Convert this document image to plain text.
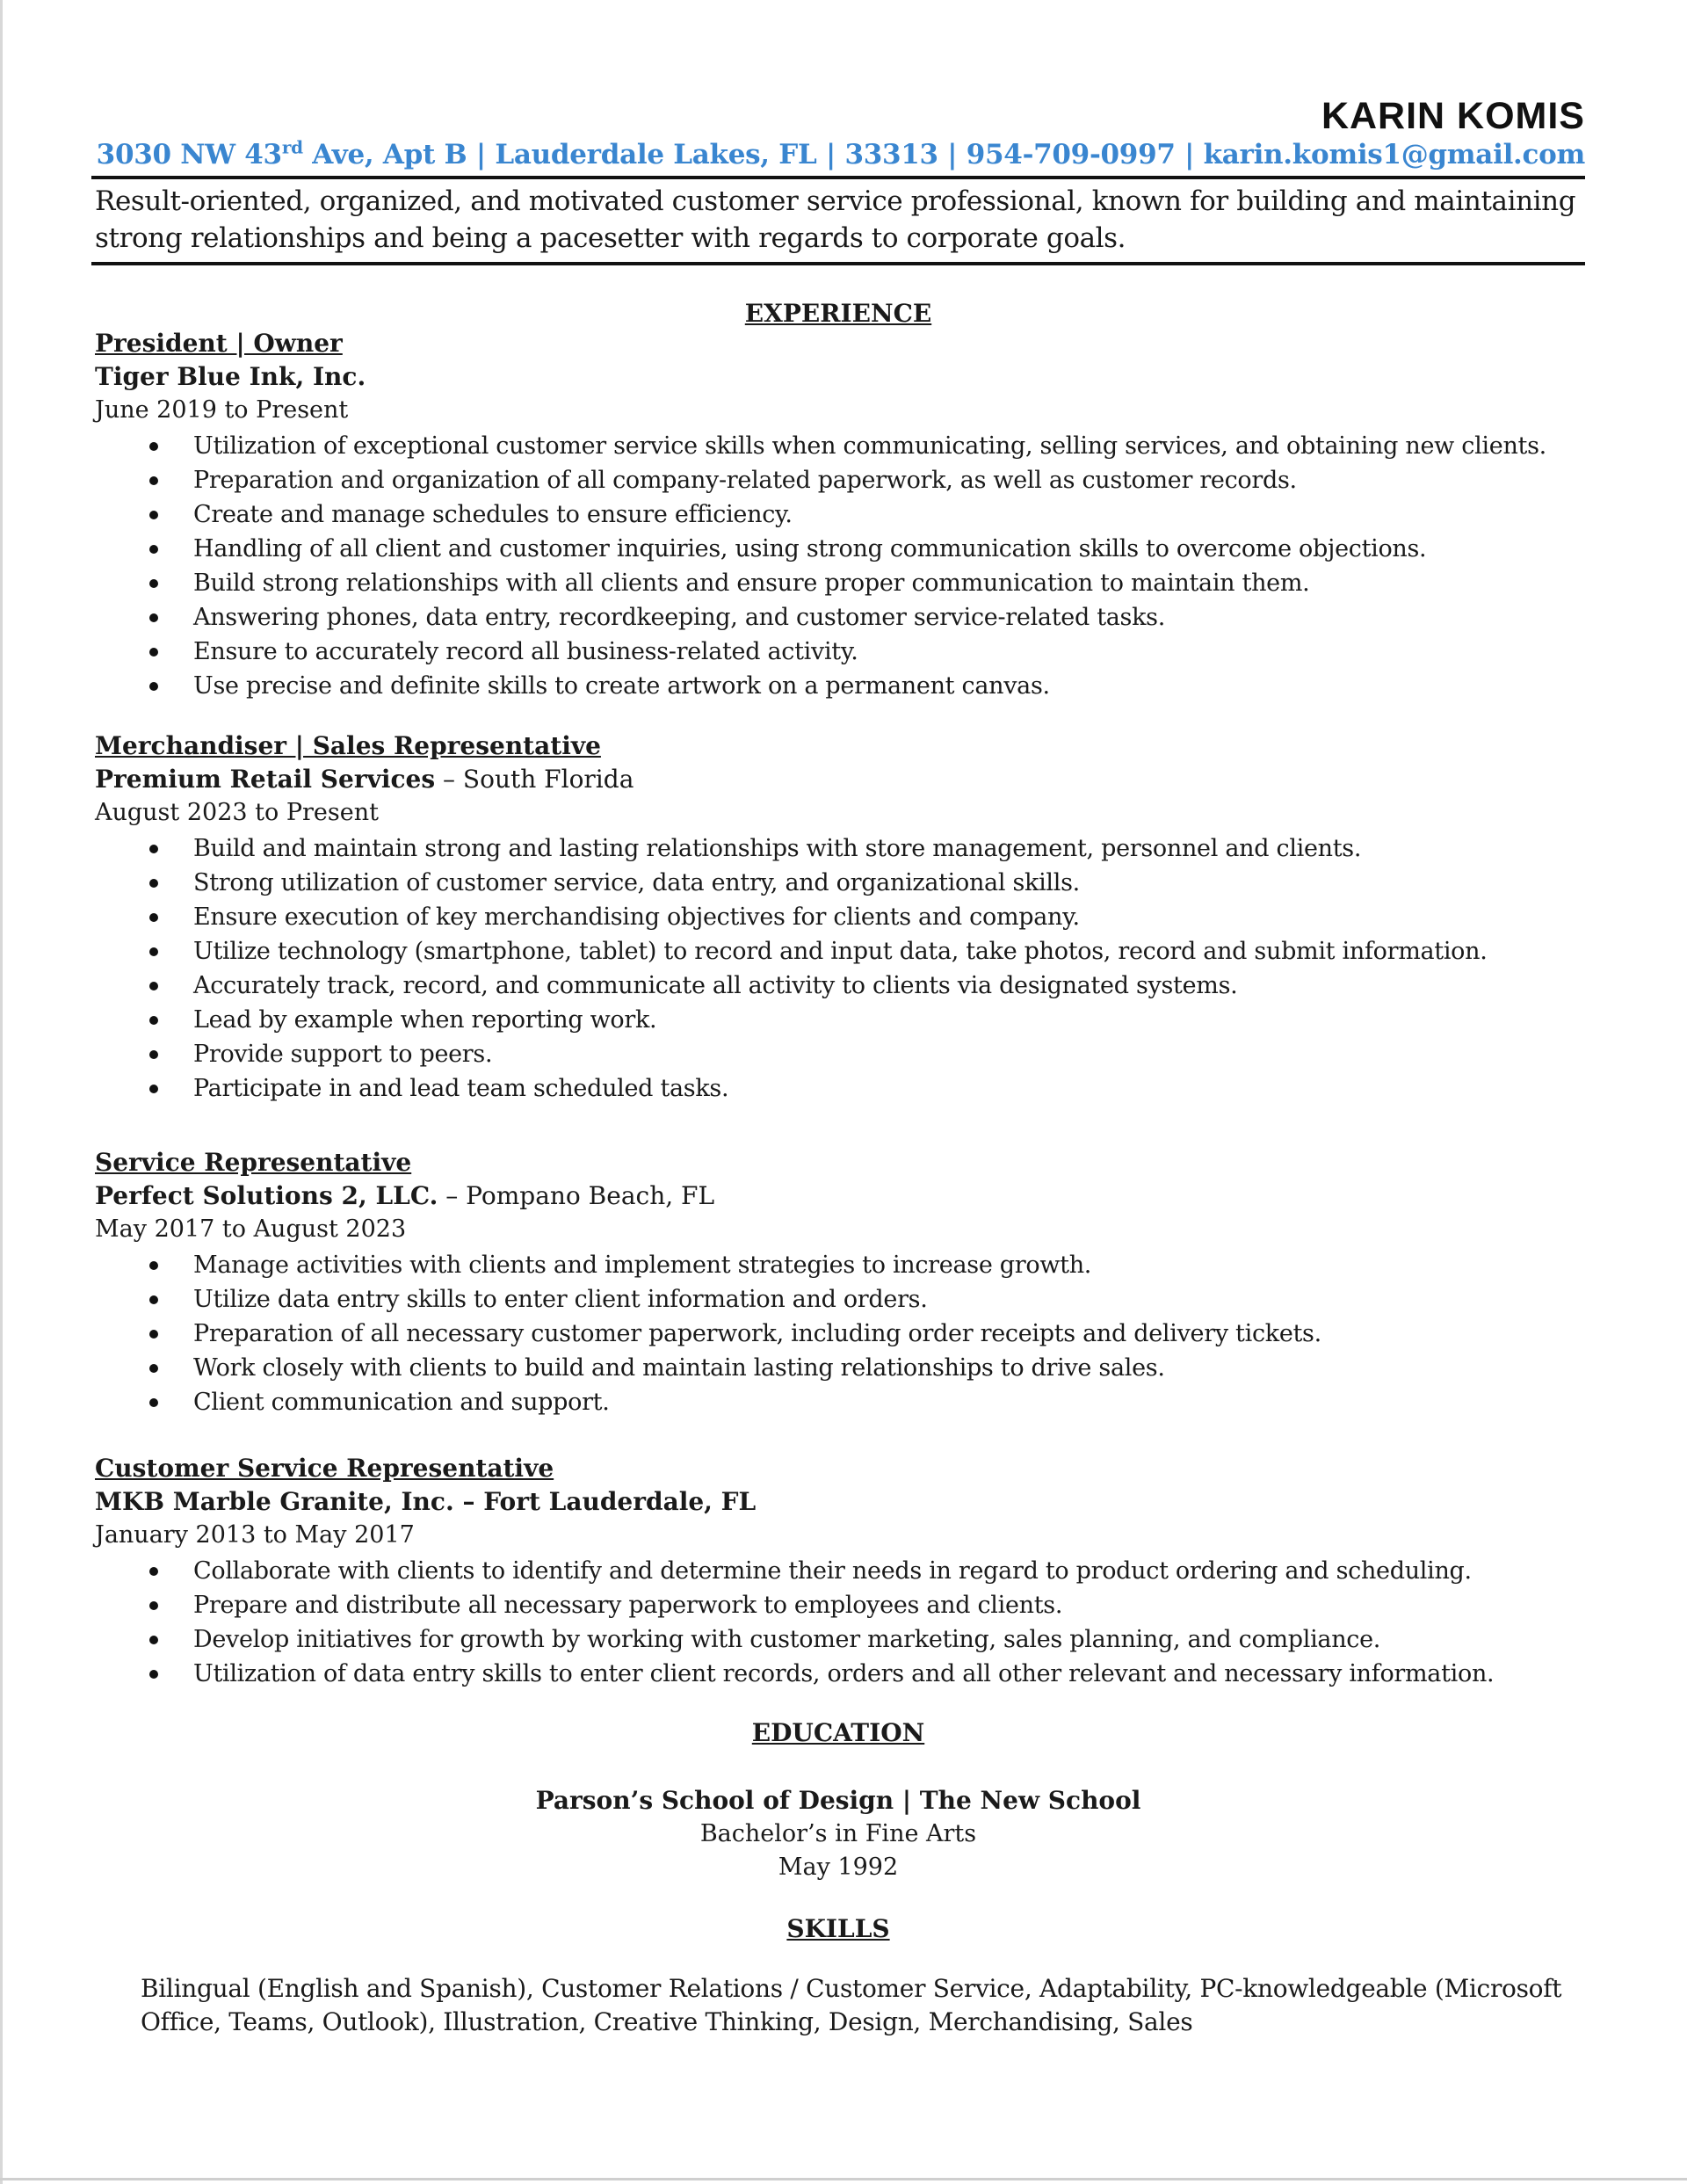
KARIN KOMIS
3030 NW 43rd Ave, Apt B | Lauderdale Lakes, FL | 33313 | 954-709-0997 | karin.komis1@gmail.com
Result-oriented, organized, and motivated customer service professional, known for building and maintaining
strong relationships and being a pacesetter with regards to corporate goals.
EXPERIENCE
President | Owner
Tiger Blue Ink, Inc.
June 2019 to Present
Utilization of exceptional customer service skills when communicating, selling services, and obtaining new clients.
Preparation and organization of all company-related paperwork, as well as customer records.
Create and manage schedules to ensure efficiency.
Handling of all client and customer inquiries, using strong communication skills to overcome objections.
Build strong relationships with all clients and ensure proper communication to maintain them.
Answering phones, data entry, recordkeeping, and customer service-related tasks.
Ensure to accurately record all business-related activity.
Use precise and definite skills to create artwork on a permanent canvas.
Merchandiser | Sales Representative
Premium Retail Services – South Florida
August 2023 to Present
Build and maintain strong and lasting relationships with store management, personnel and clients.
Strong utilization of customer service, data entry, and organizational skills.
Ensure execution of key merchandising objectives for clients and company.
Utilize technology (smartphone, tablet) to record and input data, take photos, record and submit information.
Accurately track, record, and communicate all activity to clients via designated systems.
Lead by example when reporting work.
Provide support to peers.
Participate in and lead team scheduled tasks.
Service Representative
Perfect Solutions 2, LLC. – Pompano Beach, FL
May 2017 to August 2023
Manage activities with clients and implement strategies to increase growth.
Utilize data entry skills to enter client information and orders.
Preparation of all necessary customer paperwork, including order receipts and delivery tickets.
Work closely with clients to build and maintain lasting relationships to drive sales.
Client communication and support.
Customer Service Representative
MKB Marble Granite, Inc. – Fort Lauderdale, FL
January 2013 to May 2017
Collaborate with clients to identify and determine their needs in regard to product ordering and scheduling.
Prepare and distribute all necessary paperwork to employees and clients.
Develop initiatives for growth by working with customer marketing, sales planning, and compliance.
Utilization of data entry skills to enter client records, orders and all other relevant and necessary information.
EDUCATION
Parson’s School of Design | The New School
Bachelor’s in Fine Arts
May 1992
SKILLS
Bilingual (English and Spanish), Customer Relations / Customer Service, Adaptability, PC-knowledgeable (Microsoft Office, Teams, Outlook), Illustration, Creative Thinking, Design, Merchandising, Sales
